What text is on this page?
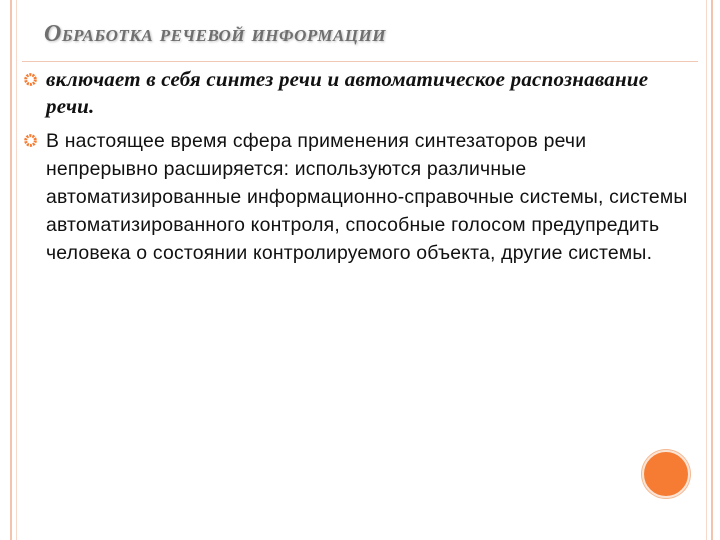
Обработка речевой информации
включает в себя синтез речи и автоматическое распознавание речи.
В настоящее время сфера применения синтезаторов речи непрерывно расширяется: используются различные автоматизированные информационно-справочные системы, системы автоматизированного контроля, способные голосом предупредить человека о состоянии контролируемого объекта, другие системы.
